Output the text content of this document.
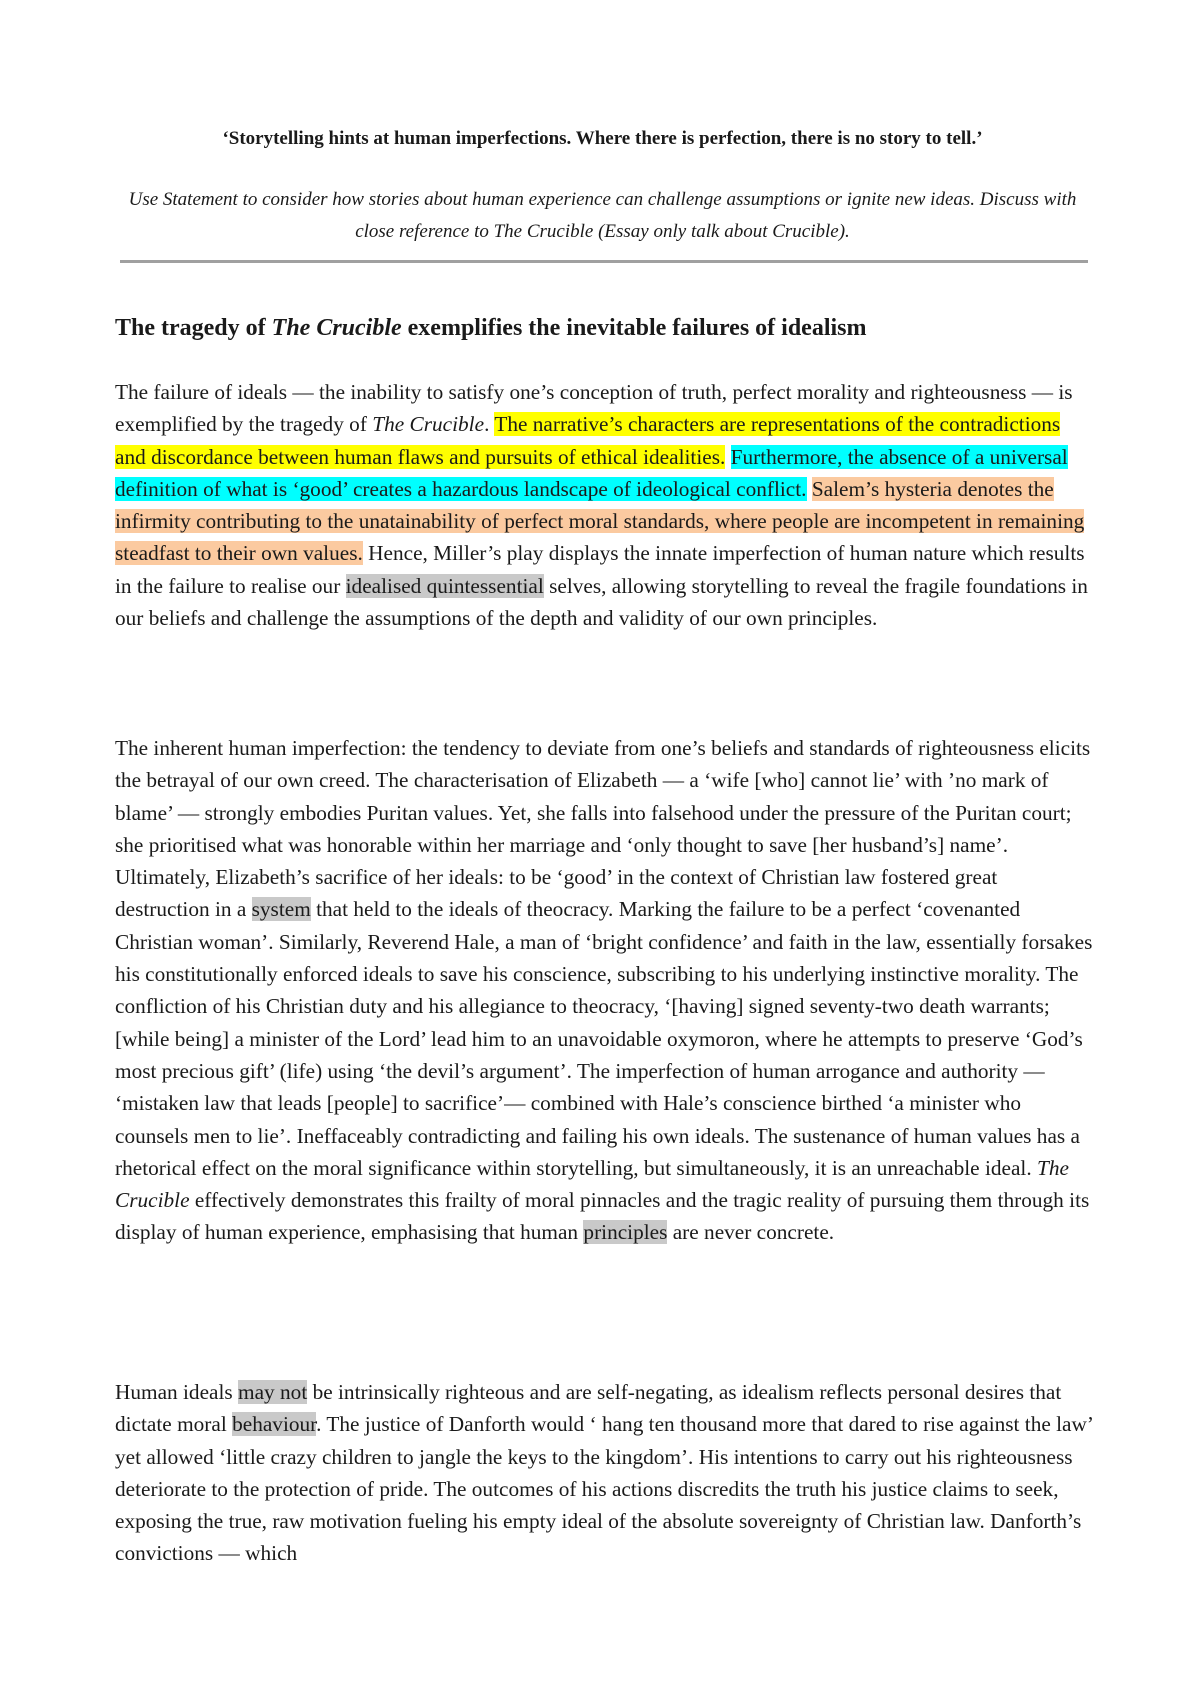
‘Storytelling hints at human imperfections. Where there is perfection, there is no story to tell.’
Use Statement to consider how stories about human experience can challenge assumptions or ignite new ideas. Discuss with close reference to The Crucible (Essay only talk about Crucible).
The tragedy of The Crucible exemplifies the inevitable failures of idealism
The failure of ideals — the inability to satisfy one’s conception of truth, perfect morality and righteousness — is exemplified by the tragedy of The Crucible. The narrative’s characters are representations of the contradictions and discordance between human flaws and pursuits of ethical idealities. Furthermore, the absence of a universal definition of what is ‘good’ creates a hazardous landscape of ideological conflict. Salem’s hysteria denotes the infirmity contributing to the unatainability of perfect moral standards, where people are incompetent in remaining steadfast to their own values. Hence, Miller’s play displays the innate imperfection of human nature which results in the failure to realise our idealised quintessential selves, allowing storytelling to reveal the fragile foundations in our beliefs and challenge the assumptions of the depth and validity of our own principles.
The inherent human imperfection: the tendency to deviate from one’s beliefs and standards of righteousness elicits the betrayal of our own creed. The characterisation of Elizabeth — a ‘wife [who] cannot lie’ with ’no mark of blame’ — strongly embodies Puritan values. Yet, she falls into falsehood under the pressure of the Puritan court; she prioritised what was honorable within her marriage and ‘only thought to save [her husband’s] name’. Ultimately, Elizabeth’s sacrifice of her ideals: to be ‘good’ in the context of Christian law fostered great destruction in a system that held to the ideals of theocracy. Marking the failure to be a perfect ‘covenanted Christian woman’. Similarly, Reverend Hale, a man of ‘bright confidence’ and faith in the law, essentially forsakes his constitutionally enforced ideals to save his conscience, subscribing to his underlying instinctive morality. The confliction of his Christian duty and his allegiance to theocracy, ‘[having] signed seventy-two death warrants; [while being] a minister of the Lord’ lead him to an unavoidable oxymoron, where he attempts to preserve ‘God’s most precious gift’ (life) using ‘the devil’s argument’. The imperfection of human arrogance and authority — ‘mistaken law that leads [people] to sacrifice’— combined with Hale’s conscience birthed ‘a minister who counsels men to lie’. Ineffaceably contradicting and failing his own ideals. The sustenance of human values has a rhetorical effect on the moral significance within storytelling, but simultaneously, it is an unreachable ideal. The Crucible effectively demonstrates this frailty of moral pinnacles and the tragic reality of pursuing them through its display of human experience, emphasising that human principles are never concrete.
Human ideals may not be intrinsically righteous and are self-negating, as idealism reflects personal desires that dictate moral behaviour. The justice of Danforth would ‘ hang ten thousand more that dared to rise against the law’ yet allowed ‘little crazy children to jangle the keys to the kingdom’. His intentions to carry out his righteousness deteriorate to the protection of pride. The outcomes of his actions discredits the truth his justice claims to seek, exposing the true, raw motivation fueling his empty ideal of the absolute sovereignty of Christian law. Danforth’s convictions — which
